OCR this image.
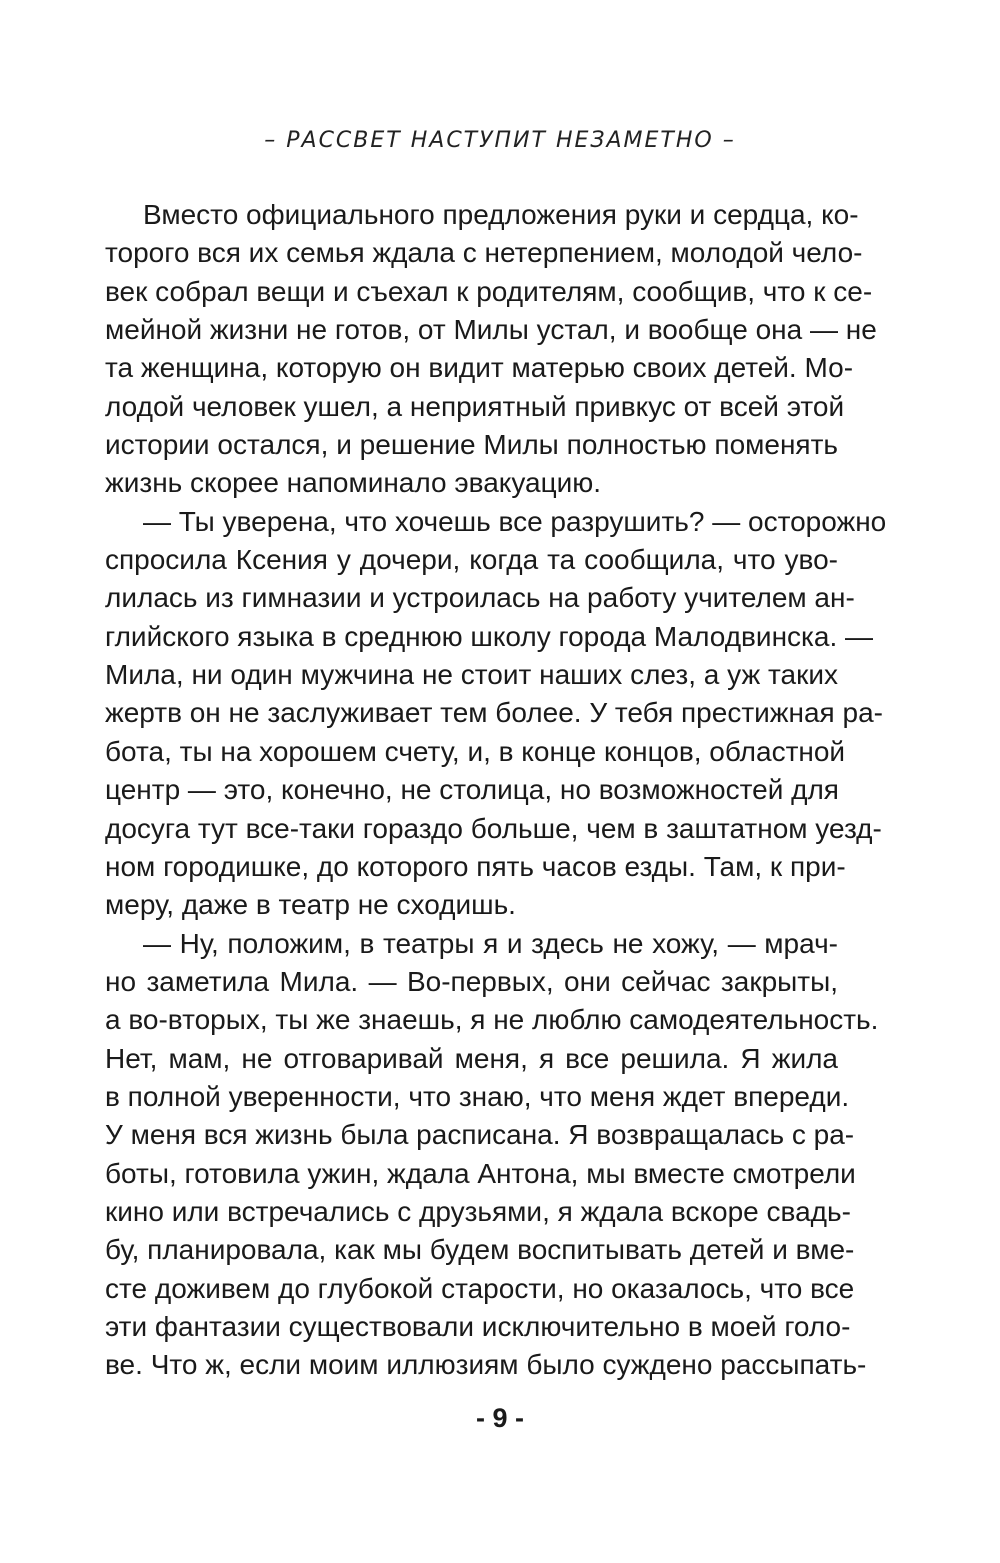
– РАССВЕТ НАСТУПИТ НЕЗАМЕТНО –
Вместо официального предложения руки и сердца, ко-
торого вся их семья ждала с нетерпением, молодой чело-
век собрал вещи и съехал к родителям, сообщив, что к се-
мейной жизни не готов, от Милы устал, и вообще она — не
та женщина, которую он видит матерью своих детей. Мо-
лодой человек ушел, а неприятный привкус от всей этой
истории остался, и решение Милы полностью поменять
жизнь скорее напоминало эвакуацию.
— Ты уверена, что хочешь все разрушить? — осторожно
спросила Ксения у дочери, когда та сообщила, что уво-
лилась из гимназии и устроилась на работу учителем ан-
глийского языка в среднюю школу города Малодвинска. —
Мила, ни один мужчина не стоит наших слез, а уж таких
жертв он не заслуживает тем более. У тебя престижная ра-
бота, ты на хорошем счету, и, в конце концов, областной
центр — это, конечно, не столица, но возможностей для
досуга тут все-таки гораздо больше, чем в заштатном уезд-
ном городишке, до которого пять часов езды. Там, к при-
меру, даже в театр не сходишь.
— Ну, положим, в театры я и здесь не хожу, — мрач-
но заметила Мила. — Во-первых, они сейчас закрыты,
а во-вторых, ты же знаешь, я не люблю самодеятельность.
Нет, мам, не отговаривай меня, я все решила. Я жила
в полной уверенности, что знаю, что меня ждет впереди.
У меня вся жизнь была расписана. Я возвращалась с ра-
боты, готовила ужин, ждала Антона, мы вместе смотрели
кино или встречались с друзьями, я ждала вскоре свадь-
бу, планировала, как мы будем воспитывать детей и вме-
сте доживем до глубокой старости, но оказалось, что все
эти фантазии существовали исключительно в моей голо-
ве. Что ж, если моим иллюзиям было суждено рассыпать-
- 9 -
